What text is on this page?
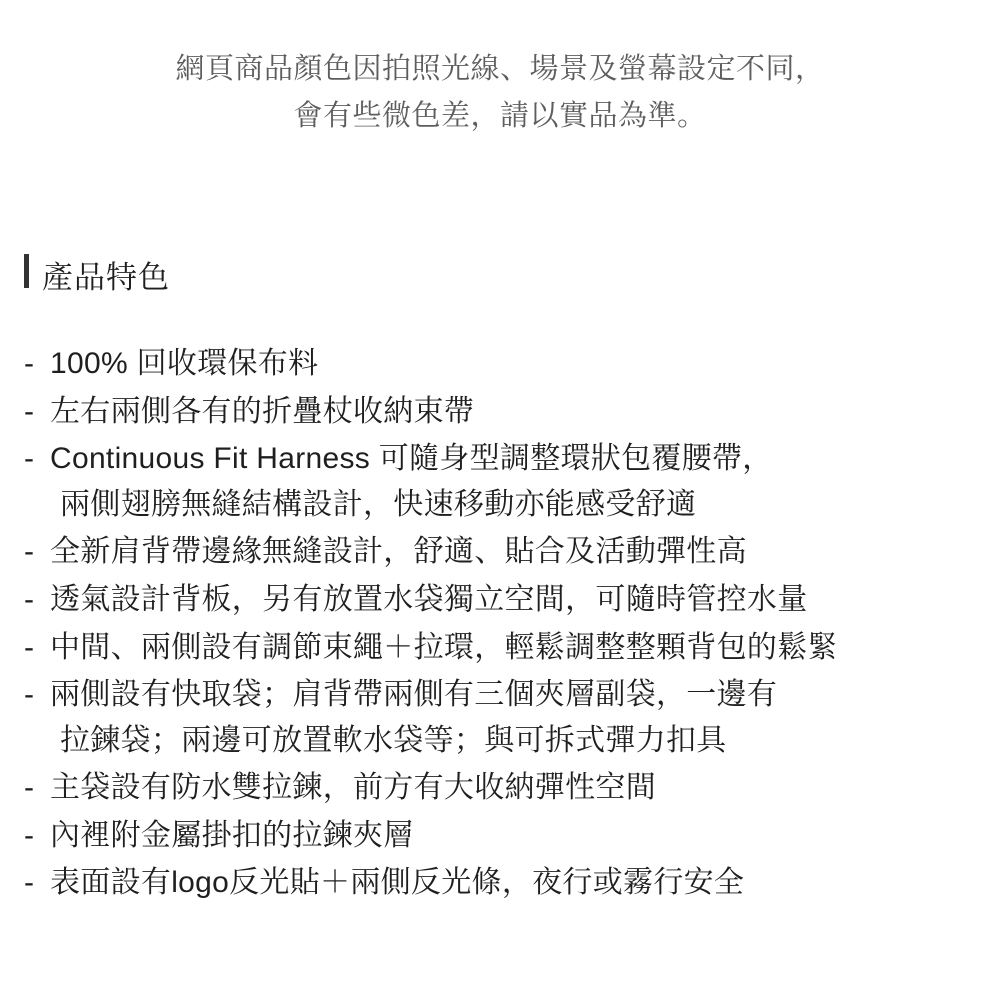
網頁商品顏色因拍照光線、場景及螢幕設定不同，
會有些微色差，請以實品為準。
產品特色
- 100% 回收環保布料
- 左右兩側各有的折疊杖收納束帶
- Continuous Fit Harness 可隨身型調整環狀包覆腰帶，
兩側翅膀無縫結構設計，快速移動亦能感受舒適
- 全新肩背帶邊緣無縫設計，舒適、貼合及活動彈性高
- 透氣設計背板，另有放置水袋獨立空間，可隨時管控水量
- 中間、兩側設有調節束繩＋拉環，輕鬆調整整顆背包的鬆緊
- 兩側設有快取袋；肩背帶兩側有三個夾層副袋，一邊有
拉鍊袋；兩邊可放置軟水袋等；與可拆式彈力扣具
- 主袋設有防水雙拉鍊，前方有大收納彈性空間
- 內裡附金屬掛扣的拉鍊夾層
- 表面設有logo反光貼＋兩側反光條，夜行或霧行安全
